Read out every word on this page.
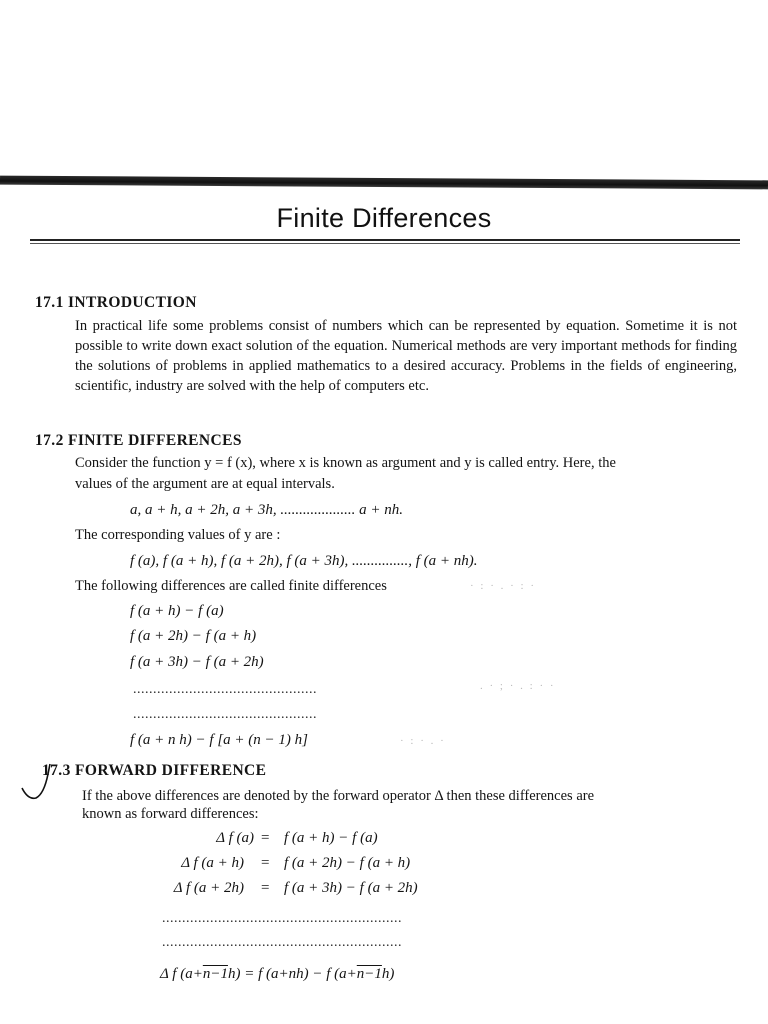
Finite Differences
17.1 INTRODUCTION
In practical life some problems consist of numbers which can be represented by equation. Sometime it is not possible to write down exact solution of the equation. Numerical methods are very important methods for finding the solutions of problems in applied mathematics to a desired accuracy. Problems in the fields of engineering, scientific, industry are solved with the help of computers etc.
17.2 FINITE DIFFERENCES
Consider the function y = f (x), where x is known as argument and y is called entry. Here, the
values of the argument are at equal intervals.
a, a + h, a + 2h, a + 3h, .................... a + nh.
The corresponding values of y are :
f (a), f (a + h), f (a + 2h), f (a + 3h), ..............., f (a + nh).
The following differences are called finite differences
f (a + h) − f (a)
f (a + 2h) − f (a + h)
f (a + 3h) − f (a + 2h)
..............................................
..............................................
f (a + n h) − f [a + (n − 1) h]
17.3 FORWARD DIFFERENCE
If the above differences are denoted by the forward operator Δ then these differences are
known as forward differences:
Δ f (a) = f (a + h) − f (a)
Δ f (a + h) = f (a + 2h) − f (a + h)
Δ f (a + 2h) = f (a + 3h) − f (a + 2h)
............................................................
............................................................
Δ f (a+n−1h) = f (a+nh) − f (a+n−1h)
· : · . · : ·
. · ; · . : · ·
· : · . ·
